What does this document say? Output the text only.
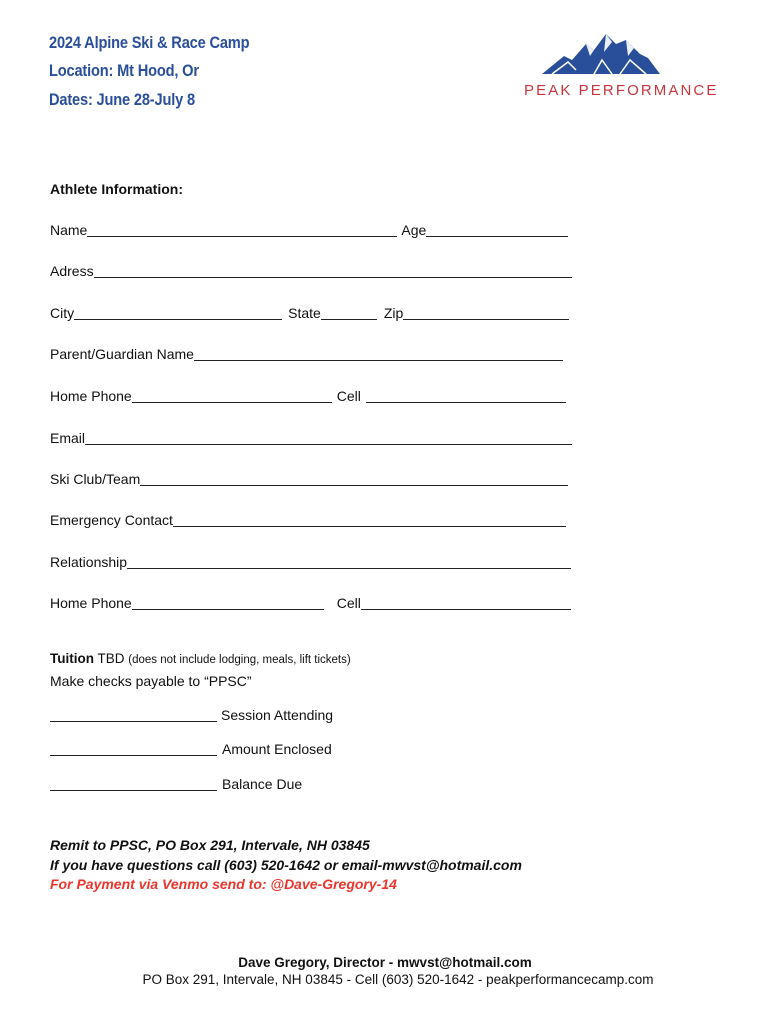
2024 Alpine Ski & Race Camp
Location: Mt Hood, Or
Dates: June 28-July 8	PEAK PERFORMANCE
Athlete Information:
Name	Age
Adress
City	State	Zip
Parent/Guardian Name
Home Phone	Cell
Email
Ski Club/Team
Emergency Contact
Relationship
Home Phone	Cell
Tuition TBD (does not include lodging, meals, lift tickets)
Make checks payable to “PPSC”
Session Attending
Amount Enclosed
Balance Due
Remit to PPSC, PO Box 291, Intervale, NH 03845
If you have questions call (603) 520-1642 or email-mwvst@hotmail.com
For Payment via Venmo send to: @Dave-Gregory-14
Dave Gregory, Director - mwvst@hotmail.com
PO Box 291, Intervale, NH 03845 - Cell (603) 520-1642 - peakperformancecamp.com
